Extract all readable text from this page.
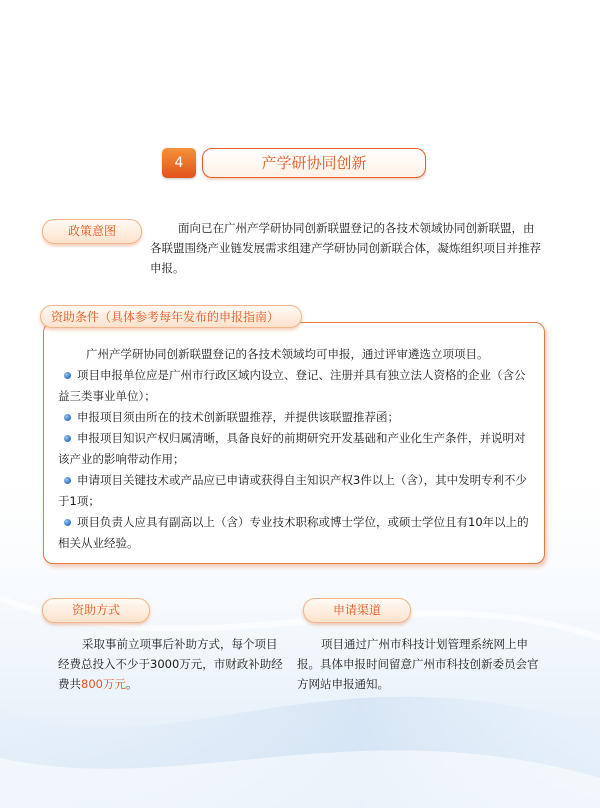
4	产学研协同创新
政策意图	面向已在广州产学研协同创新联盟登记的各技术领域协同创新联盟，由
各联盟围绕产业链发展需求组建产学研协同创新联合体，凝炼组织项目并推荐申报。
资助条件（具体参考每年发布的申报指南）

广州产学研协同创新联盟登记的各技术领域均可申报，通过评审遴选立项项目。

项目申报单位应是广州市行政区域内设立、登记、注册并具有独立法人资格的企业（含公益三类事业单位）；

申报项目须由所在的技术创新联盟推荐，并提供该联盟推荐函；

申报项目知识产权归属清晰，具备良好的前期研究开发基础和产业化生产条件，并说明对该产业的影响带动作用；

申请项目关键技术或产品应已申请或获得自主知识产权3件以上（含），其中发明专利不少于1项；

项目负责人应具有副高以上（含）专业技术职称或博士学位，或硕士学位且有10年以上的相关从业经验。

资助方式
采取事前立项事后补助方式，每个项目经费总投入不少于3000万元，市财政补助经费共800万元。
申请渠道
项目通过广州市科技计划管理系统网上申报。具体申报时间留意广州市科技创新委员会官方网站申报通知。
